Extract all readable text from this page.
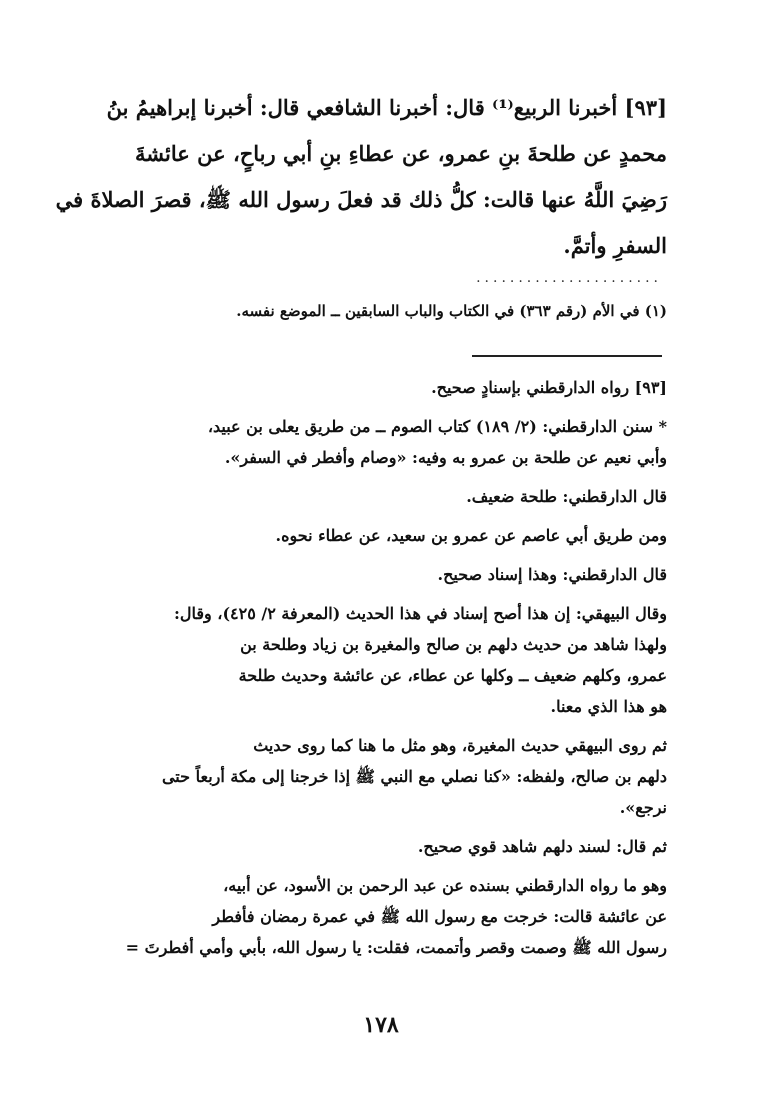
[٩٣] أخبرنا الربيع⁽¹⁾ قال: أخبرنا الشافعي قال: أخبرنا إبراهيمُ بنُ
محمدٍ عن طلحةَ بنِ عمرو، عن عطاءِ بنِ أبي رباحٍ، عن عائشةَ
رَضِيَ اللَّهُ عنها قالت: كلُّ ذلك قد فعلَ رسول الله ﷺ، قصرَ الصلاةَ في
السفرِ وأتمَّ.
......................
(١) في الأم (رقم ٣٦٣) في الكتاب والباب السابقين ــ الموضع نفسه.
[٩٣] رواه الدارقطني بإسنادٍ صحيح.
* سنن الدارقطني: (٢/ ١٨٩) كتاب الصوم ــ من طريق يعلى بن عبيد،
وأبي نعيم عن طلحة بن عمرو به وفيه: «وصام وأفطر في السفر».
قال الدارقطني: طلحة ضعيف.
ومن طريق أبي عاصم عن عمرو بن سعيد، عن عطاء نحوه.
قال الدارقطني: وهذا إسناد صحيح.
وقال البيهقي: إن هذا أصح إسناد في هذا الحديث (المعرفة ٢/ ٤٢٥)، وقال:
ولهذا شاهد من حديث دلهم بن صالح والمغيرة بن زياد وطلحة بن
عمرو، وكلهم ضعيف ــ وكلها عن عطاء، عن عائشة وحديث طلحة
هو هذا الذي معنا.
ثم روى البيهقي حديث المغيرة، وهو مثل ما هنا كما روى حديث
دلهم بن صالح، ولفظه: «كنا نصلي مع النبي ﷺ إذا خرجنا إلى مكة أربعاً حتى
نرجع».
ثم قال: لسند دلهم شاهد قوي صحيح.
وهو ما رواه الدارقطني بسنده عن عبد الرحمن بن الأسود، عن أبيه،
عن عائشة قالت: خرجت مع رسول الله ﷺ في عمرة رمضان فأفطر
رسول الله ﷺ وصمت وقصر وأتممت، فقلت: يا رسول الله، بأبي وأمي أفطرتَ =
١٧٨
